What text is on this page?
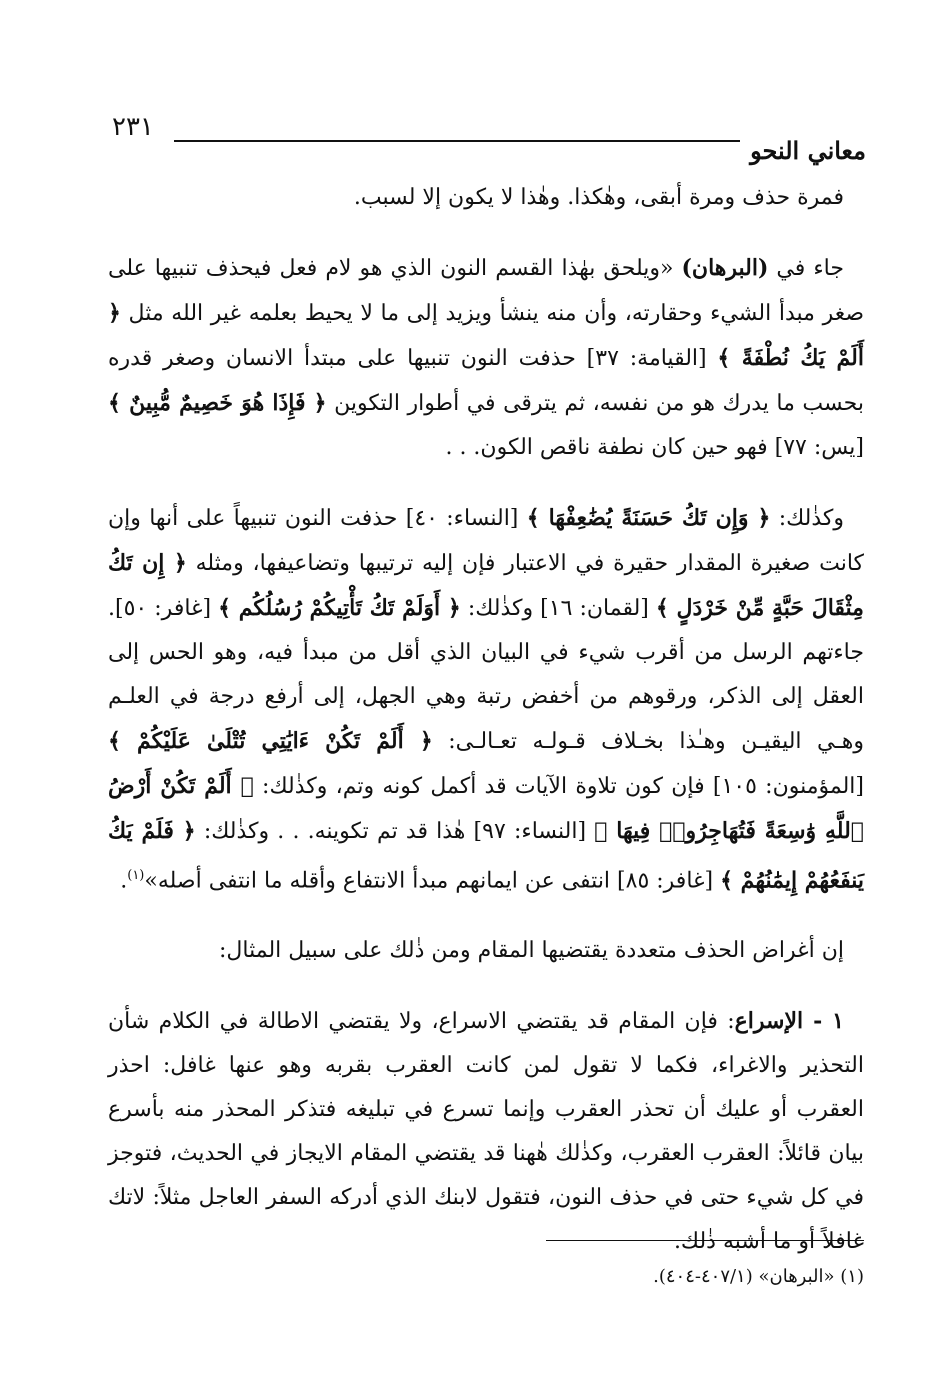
معاني النحو
٢٣١

فمرة حذف ومرة أبقى، وهٰكذا. وهٰذا لا يكون إلا لسبب.

جاء في (البرهان) «ويلحق بهٰذا القسم النون الذي هو لام فعل فيحذف تنبيها على صغر مبدأ الشيء وحقارته، وأن منه ينشأ ويزيد إلى ما لا يحيط بعلمه غير الله مثل ﴿ أَلَمْ يَكُ نُطْفَةً ﴾ [القيامة: ٣٧] حذفت النون تنبيها على مبتدأ الانسان وصغر قدره بحسب ما يدرك هو من نفسه، ثم يترقى في أطوار التكوين ﴿ فَإِذَا هُوَ خَصِيمٌ مُّبِينٌ ﴾ [يس: ٧٧] فهو حين كان نطفة ناقص الكون. . .

وكذٰلك: ﴿ وَإِن تَكُ حَسَنَةً يُضَٰعِفْهَا ﴾ [النساء: ٤٠] حذفت النون تنبيهاً على أنها وإن كانت صغيرة المقدار حقيرة في الاعتبار فإن إليه ترتيبها وتضاعيفها، ومثله ﴿ إِن تَكُ مِثْقَالَ حَبَّةٍ مِّنْ خَرْدَلٍ ﴾ [لقمان: ١٦] وكذٰلك: ﴿ أَوَلَمْ تَكُ تَأْتِيكُمْ رُسُلُكُم ﴾ [غافر: ٥٠]. جاءتهم الرسل من أقرب شيء في البيان الذي أقل من مبدأ فيه، وهو الحس إلى العقل إلى الذكر، ورقوهم من أخفض رتبة وهي الجهل، إلى أرفع درجة في العلـم وهـي اليقيـن وهـٰذا بخـلاف قـولـه تعـالـى: ﴿ أَلَمْ تَكُنْ ءَايَٰتِي تُتْلَىٰ عَلَيْكُمْ ﴾ [المؤمنون: ١٠٥] فإن كون تلاوة الآيات قد أكمل كونه وتم، وكذٰلك: ﴿ أَلَمْ تَكُنْ أَرْضُ ٱللَّهِ وَٰسِعَةً فَتُهَاجِرُوا۟ فِيهَا ﴾ [النساء: ٩٧] هٰذا قد تم تكوينه. . . وكذٰلك: ﴿ فَلَمْ يَكُ يَنفَعُهُمْ إِيمَٰنُهُمْ ﴾ [غافر: ٨٥] انتفى عن ايمانهم مبدأ الانتفاع وأقله ما انتفى أصله»$^{(١)}$.

إن أغراض الحذف متعددة يقتضيها المقام ومن ذٰلك على سبيل المثال:

١ - الإسراع: فإن المقام قد يقتضي الاسراع، ولا يقتضي الاطالة في الكلام شأن التحذير والاغراء، فكما لا تقول لمن كانت العقرب بقربه وهو عنها غافل: احذر العقرب أو عليك أن تحذر العقرب وإنما تسرع في تبليغه فتذكر المحذر منه بأسرع بيان قائلاً: العقرب العقرب، وكذٰلك هٰهنا قد يقتضي المقام الايجاز في الحديث، فتوجز في كل شيء حتى في حذف النون، فتقول لابنك الذي أدركه السفر العاجل مثلاً: لاتك غافلاً أو ما أشبه ذٰلك.

(١) «البرهان» (٤٠٧/١-٤٠٤).
